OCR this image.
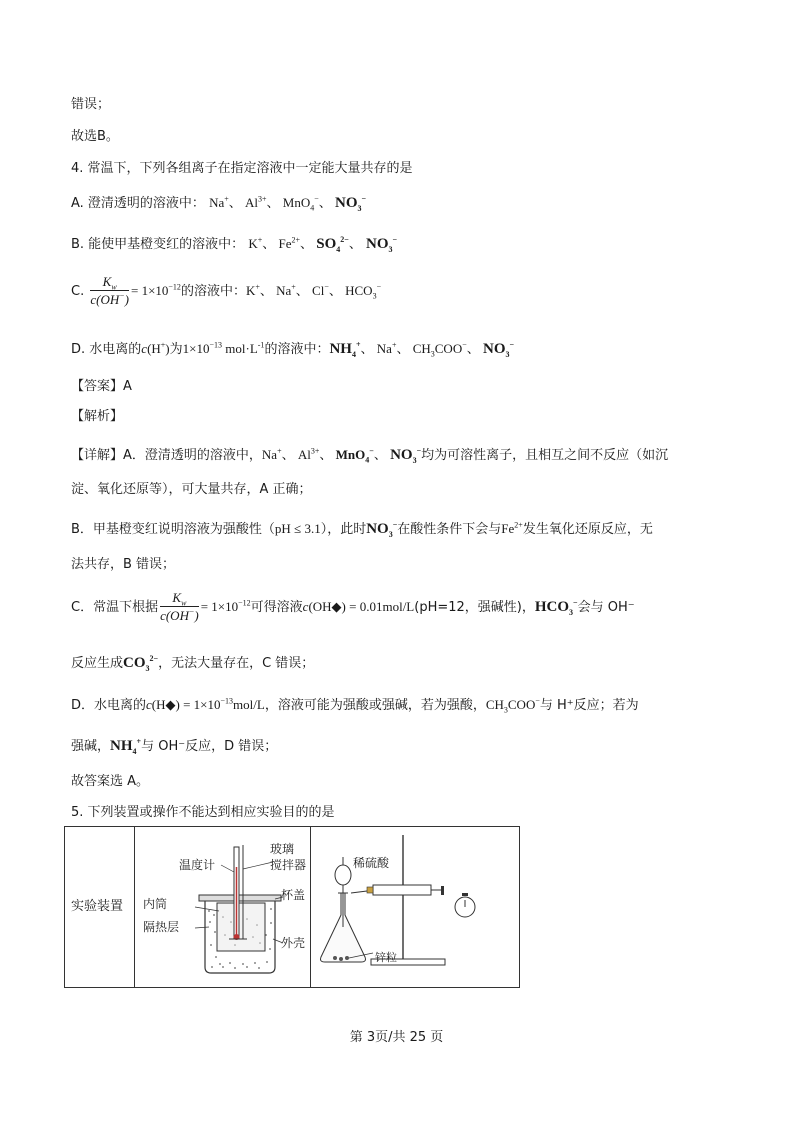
错误；
故选B。
4. 常温下，下列各组离子在指定溶液中一定能大量共存的是
A. 澄清透明的溶液中： Na+、 $Al^{3+}$、 MnO$_4$−、 $NO_3^-$
B. 能使甲基橙变红的溶液中： K+、 $Fe^{2+}$、 $SO_4^{2-}$、 $NO_3^-$
C. $\frac{K_w}{c(OH^-)} = 1\times 10^{-12}$的溶液中：K+、 Na+、 Cl−、 $HCO_3^-$
D. 水电离的c(H+)为$1\times 10^{-13}$ $mol\cdot L^{-1}$的溶液中：$NH_4^+$、 Na+、 $CH_3COO^-$、 $NO_3^-$
【答案】A
【解析】
【详解】A．澄清透明的溶液中，Na+、 $Al^{3+}$、 MnO$_4$−、 $NO_3^-$均为可溶性离子，且相互之间不反应（如沉
淀、氧化还原等），可大量共存，A 正确；
B．甲基橙变红说明溶液为强酸性（pH ≤ 3.1），此时$NO_3^-$在酸性条件下会与$Fe^{2+}$发生氧化还原反应，无
法共存，B 错误；
C．常温下根据 $\frac{K_w}{c(OH^-)} = 1\times 10^{-12}$可得溶液c(OH◆) = 0.01mol/L(pH=12，强碱性)，$HCO_3^-$会与 OH⁻
反应生成$CO_3^{2-}$，无法大量存在，C 错误；
D．水电离的c(H◆) = $1\times 10^{-13}mol/L$，溶液可能为强酸或强碱，若为强酸，$CH_3COO^-$与 H⁺反应；若为
强碱，$NH_4^+$与 OH⁻反应，D 错误；
故答案选 A。
5. 下列装置或操作不能达到相应实验目的的是
实验装置

温度计
玻璃
搅拌器
内筒
杯盖
隔热层
外壳

稀硫酸
锌粒
第 3页/共 25 页
